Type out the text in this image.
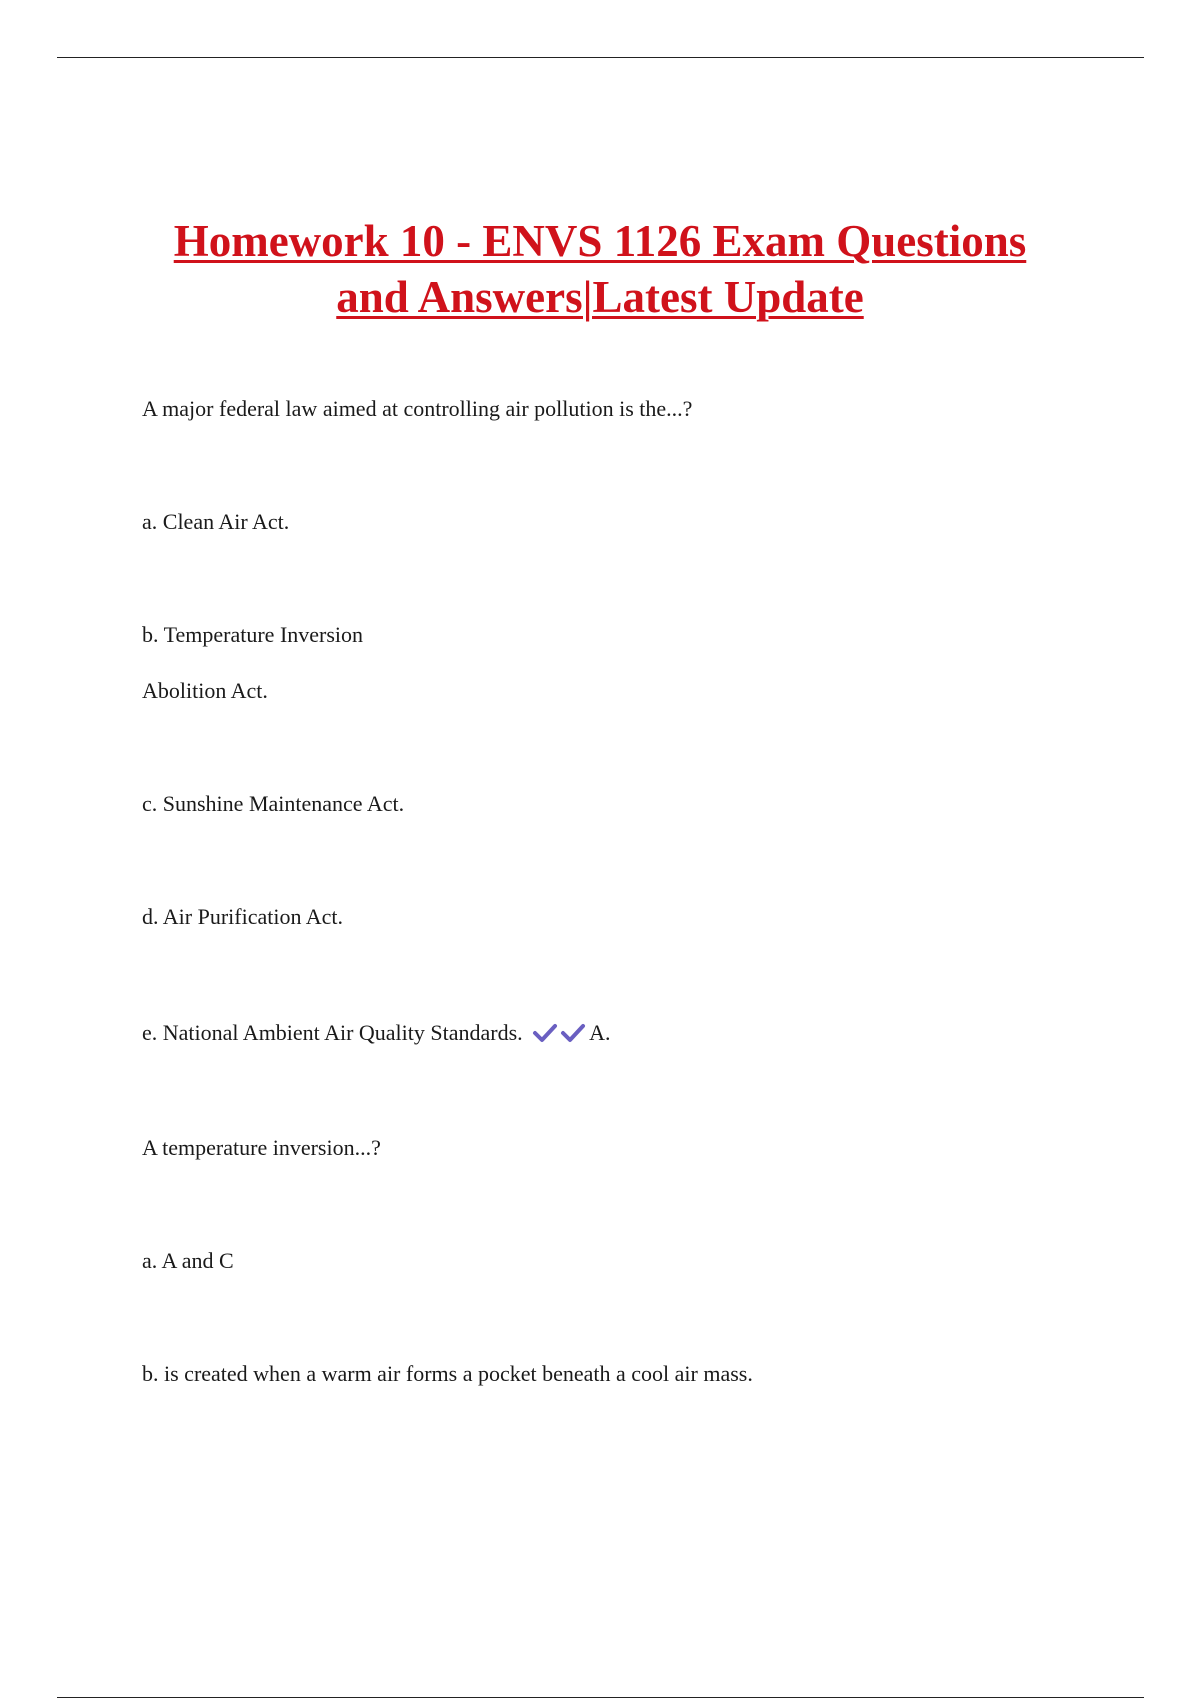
Homework 10 - ENVS 1126 Exam Questions
and Answers|Latest Update

A major federal law aimed at controlling air pollution is the...?

a. Clean Air Act.

b. Temperature Inversion

Abolition Act.

c. Sunshine Maintenance Act.

d. Air Purification Act.

e. National Ambient Air Quality Standards.	A.

A temperature inversion...?

a. A and C

b. is created when a warm air forms a pocket beneath a cool air mass.
